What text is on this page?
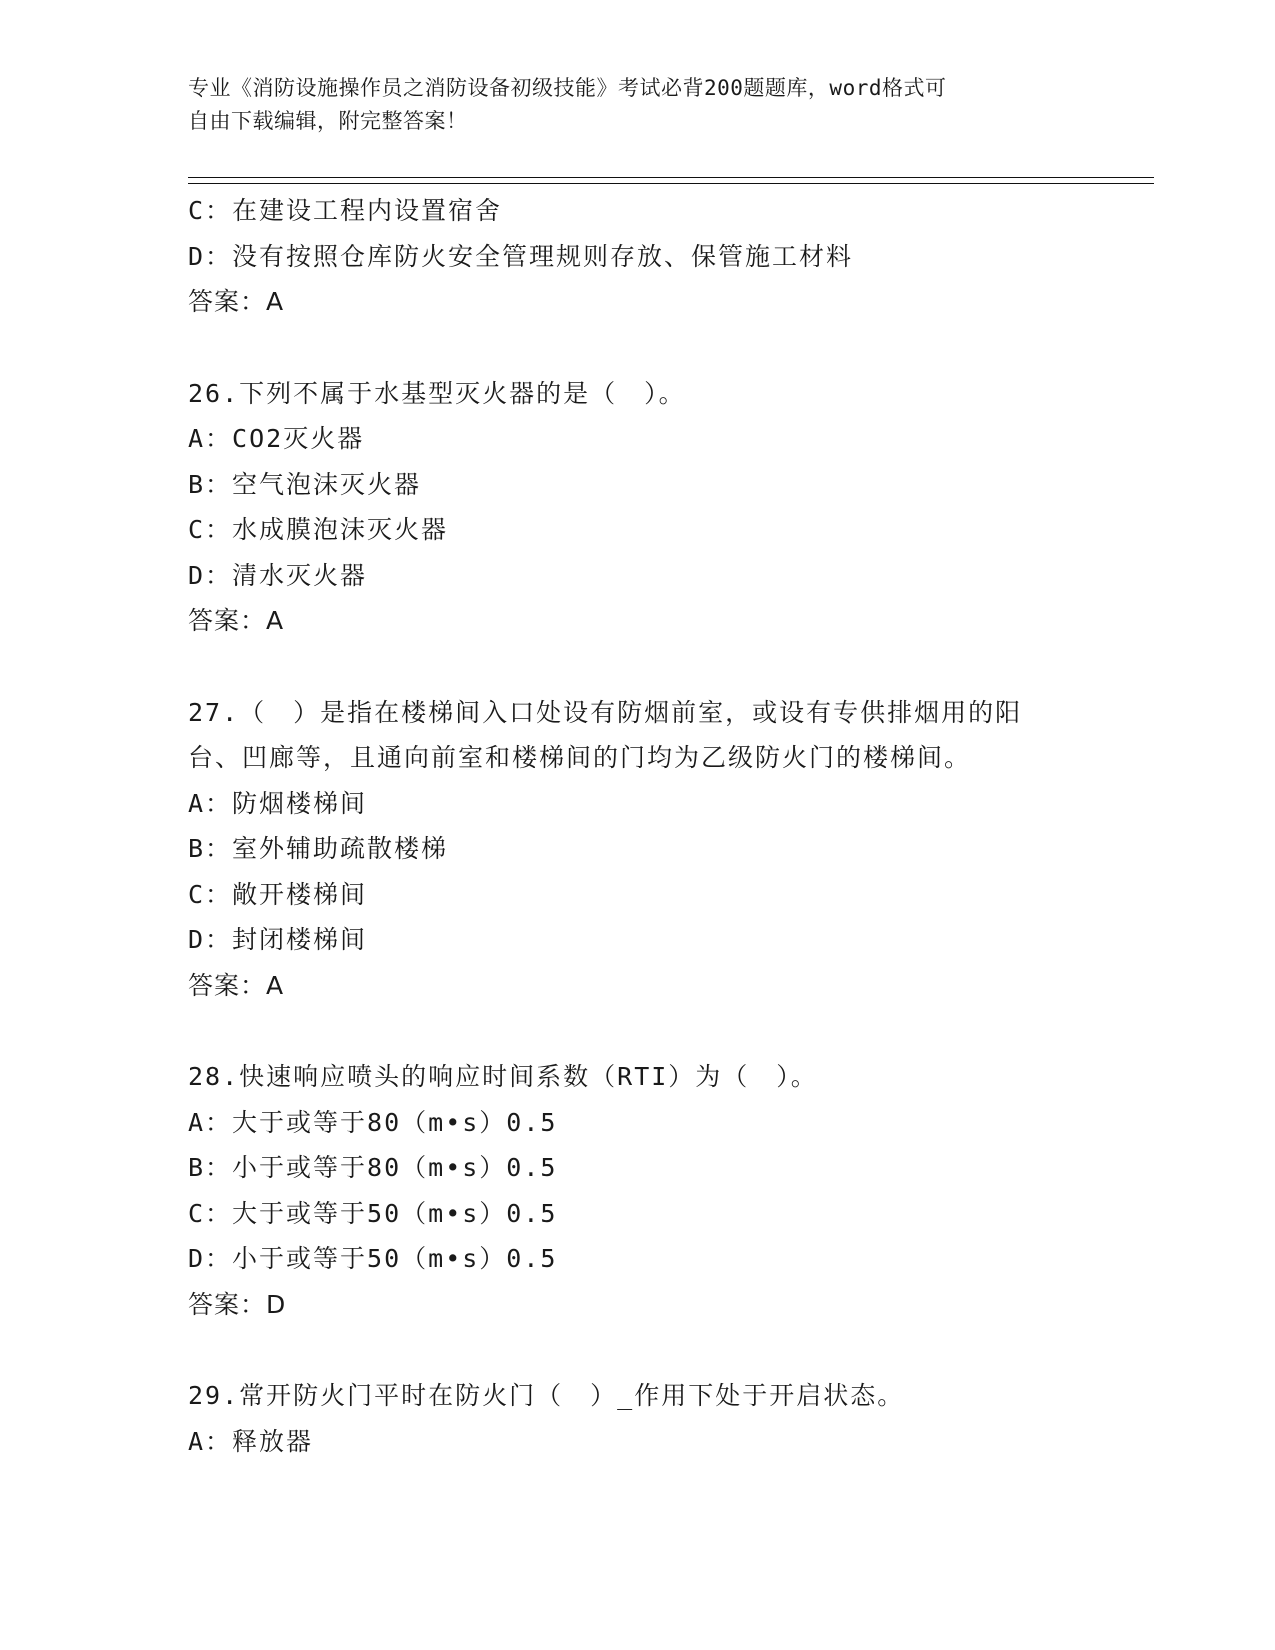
专业《消防设施操作员之消防设备初级技能》考试必背200题题库，word格式可
自由下载编辑，附完整答案！
C：在建设工程内设置宿舍
D：没有按照仓库防火安全管理规则存放、保管施工材料
答案：A
26.下列不属于水基型灭火器的是（　）。
A：CO2灭火器
B：空气泡沫灭火器
C：水成膜泡沫灭火器
D：清水灭火器
答案：A
27.（　）是指在楼梯间入口处设有防烟前室，或设有专供排烟用的阳
台、凹廊等，且通向前室和楼梯间的门均为乙级防火门的楼梯间。
A：防烟楼梯间
B：室外辅助疏散楼梯
C：敞开楼梯间
D：封闭楼梯间
答案：A
28.快速响应喷头的响应时间系数（RTI）为（　）。
A：大于或等于80（m•s）0.5
B：小于或等于80（m•s）0.5
C：大于或等于50（m•s）0.5
D：小于或等于50（m•s）0.5
答案：D
29.常开防火门平时在防火门（　）_作用下处于开启状态。
A：释放器
